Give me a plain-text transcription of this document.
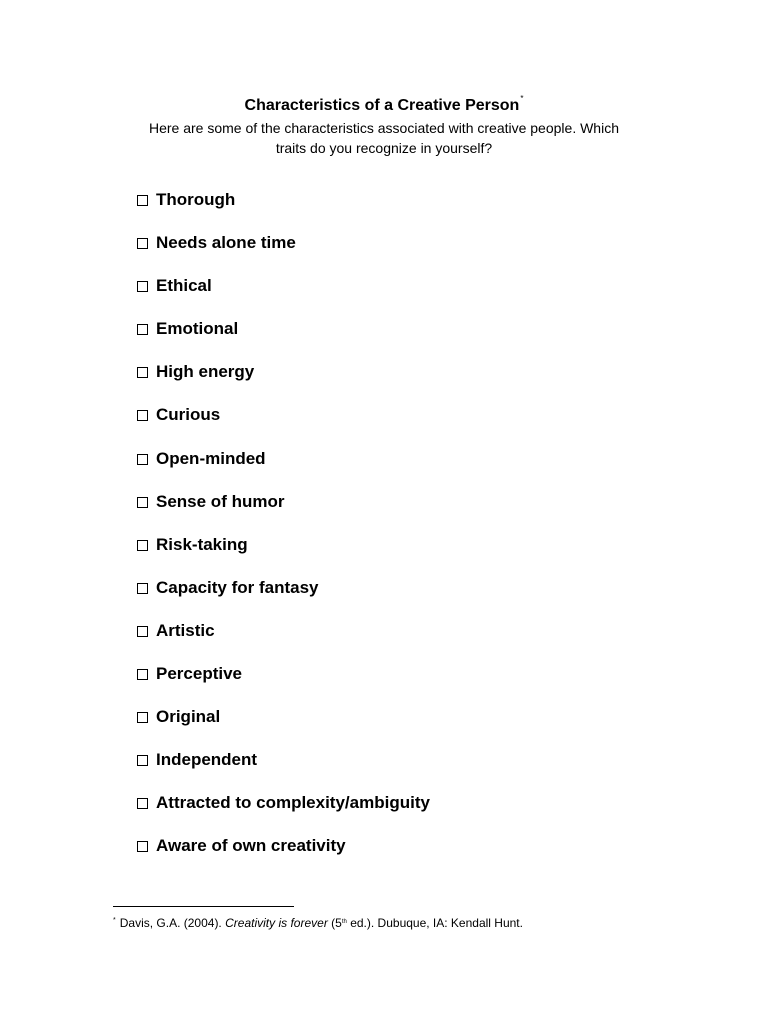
Characteristics of a Creative Person*
Here are some of the characteristics associated with creative people. Which
traits do you recognize in yourself?
Thorough
Needs alone time
Ethical
Emotional
High energy
Curious
Open-minded
Sense of humor
Risk-taking
Capacity for fantasy
Artistic
Perceptive
Original
Independent
Attracted to complexity/ambiguity
Aware of own creativity
* Davis, G.A. (2004). Creativity is forever (5th ed.). Dubuque, IA: Kendall Hunt.
